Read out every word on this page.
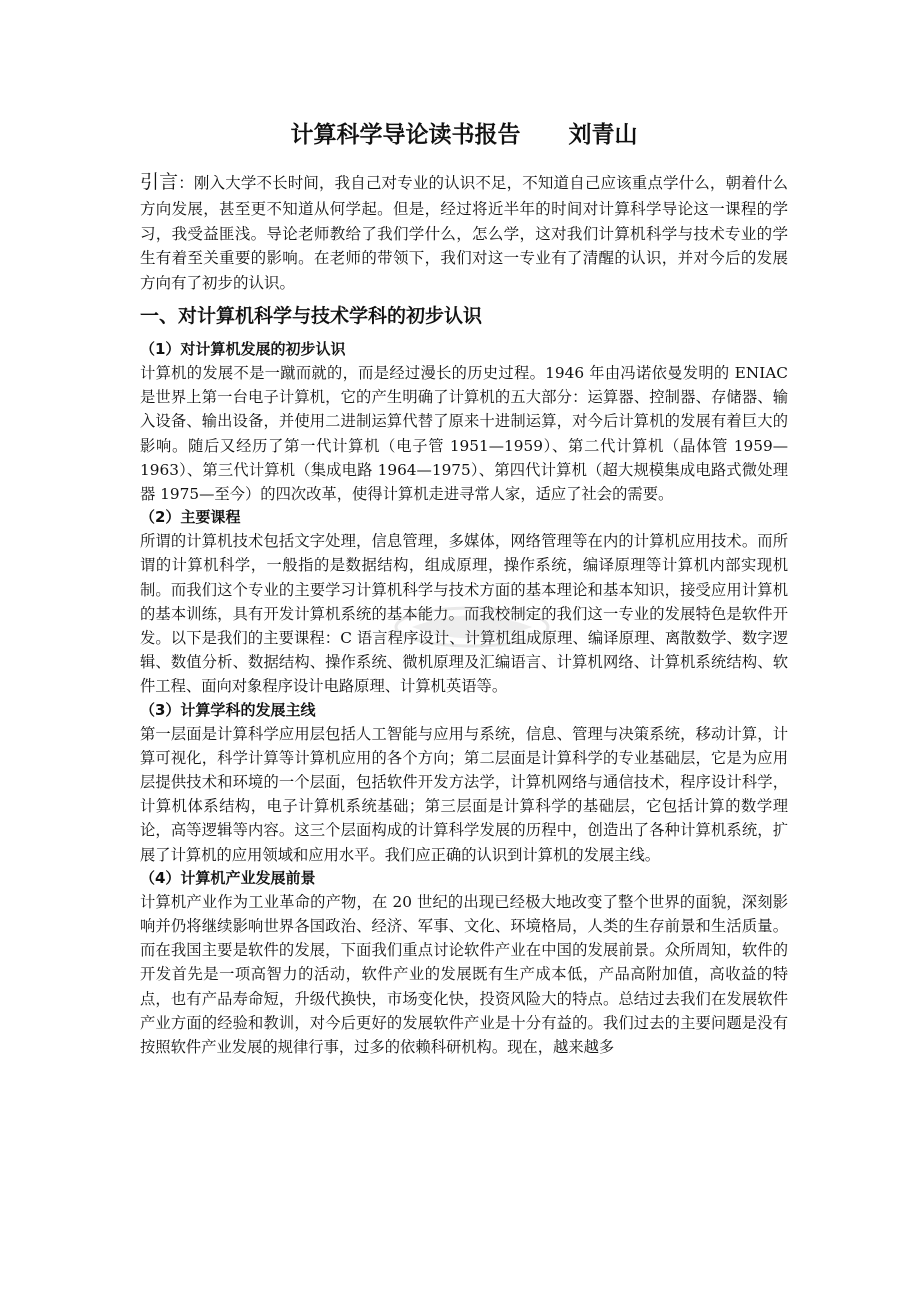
计算科学导论读书报告      刘青山

引言：刚入大学不长时间，我自己对专业的认识不足，不知道自己应该重点学什么，朝着什么方向发展，甚至更不知道从何学起。但是，经过将近半年的时间对计算科学导论这一课程的学习，我受益匪浅。导论老师教给了我们学什么，怎么学，这对我们计算机科学与技术专业的学生有着至关重要的影响。在老师的带领下，我们对这一专业有了清醒的认识，并对今后的发展方向有了初步的认识。

一、对计算机科学与技术学科的初步认识
（1）对计算机发展的初步认识

计算机的发展不是一蹴而就的，而是经过漫长的历史过程。1946 年由冯诺依曼发明的 ENIAC 是世界上第一台电子计算机，它的产生明确了计算机的五大部分：运算器、控制器、存储器、输入设备、输出设备，并使用二进制运算代替了原来十进制运算，对今后计算机的发展有着巨大的影响。随后又经历了第一代计算机（电子管 1951—1959）、第二代计算机（晶体管 1959—1963）、第三代计算机（集成电路 1964—1975）、第四代计算机（超大规模集成电路式微处理器 1975—至今）的四次改革，使得计算机走进寻常人家，适应了社会的需要。

（2）主要课程

所谓的计算机技术包括文字处理，信息管理，多媒体，网络管理等在内的计算机应用技术。而所谓的计算机科学，一般指的是数据结构，组成原理，操作系统，编译原理等计算机内部实现机制。而我们这个专业的主要学习计算机科学与技术方面的基本理论和基本知识，接受应用计算机的基本训练，具有开发计算机系统的基本能力。而我校制定的我们这一专业的发展特色是软件开发。以下是我们的主要课程：C 语言程序设计、计算机组成原理、编译原理、离散数学、数字逻辑、数值分析、数据结构、操作系统、微机原理及汇编语言、计算机网络、计算机系统结构、软件工程、面向对象程序设计电路原理、计算机英语等。

（3）计算学科的发展主线

第一层面是计算科学应用层包括人工智能与应用与系统，信息、管理与决策系统，移动计算，计算可视化，科学计算等计算机应用的各个方向；第二层面是计算科学的专业基础层，它是为应用层提供技术和环境的一个层面，包括软件开发方法学，计算机网络与通信技术，程序设计科学，计算机体系结构，电子计算机系统基础；第三层面是计算科学的基础层，它包括计算的数学理论，高等逻辑等内容。这三个层面构成的计算科学发展的历程中，创造出了各种计算机系统，扩展了计算机的应用领域和应用水平。我们应正确的认识到计算机的发展主线。

（4）计算机产业发展前景

计算机产业作为工业革命的产物，在 20 世纪的出现已经极大地改变了整个世界的面貌，深刻影响并仍将继续影响世界各国政治、经济、军事、文化、环境格局，人类的生存前景和生活质量。而在我国主要是软件的发展，下面我们重点讨论软件产业在中国的发展前景。众所周知，软件的开发首先是一项高智力的活动，软件产业的发展既有生产成本低，产品高附加值，高收益的特点，也有产品寿命短，升级代换快，市场变化快，投资风险大的特点。总结过去我们在发展软件产业方面的经验和教训，对今后更好的发展软件产业是十分有益的。我们过去的主要问题是没有按照软件产业发展的规律行事，过多的依赖科研机构。现在，越来越多
